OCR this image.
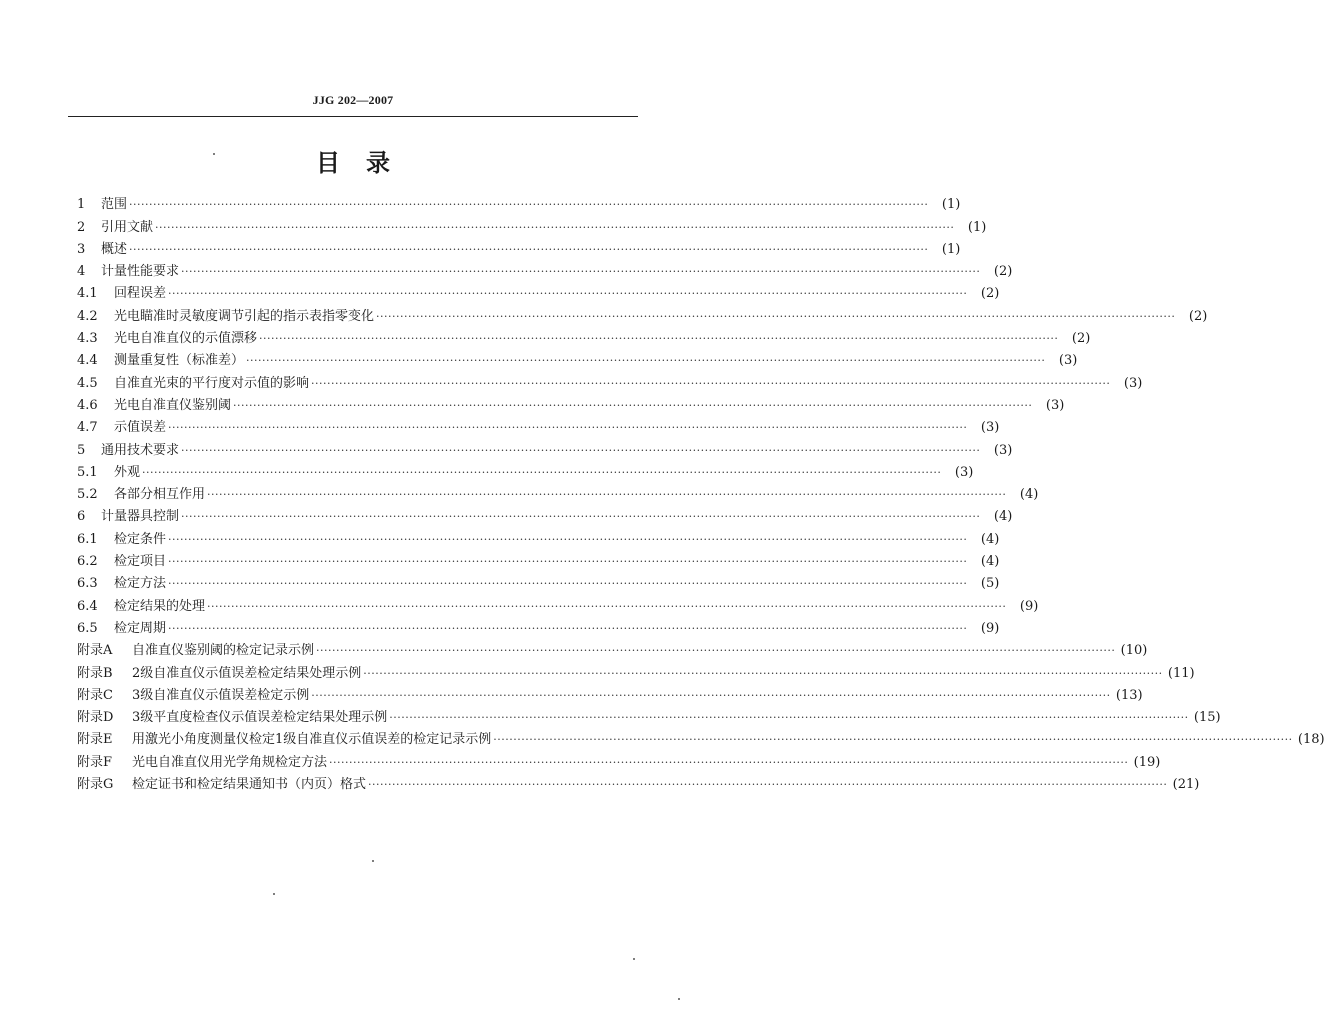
JJG 202—2007
目录
1	范围 ········································································································································································································	(1)
2	引用文献 ········································································································································································································	(1)
3	概述 ········································································································································································································	(1)
4	计量性能要求 ········································································································································································································	(2)
4.1	回程误差 ········································································································································································································	(2)
4.2	光电瞄准时灵敏度调节引起的指示表指零变化 ········································································································································································································	(2)
4.3	光电自准直仪的示值漂移 ········································································································································································································	(2)
4.4	测量重复性（标准差） ········································································································································································································	(3)
4.5	自准直光束的平行度对示值的影响 ········································································································································································································	(3)
4.6	光电自准直仪鉴别阈 ········································································································································································································	(3)
4.7	示值误差 ········································································································································································································	(3)
5	通用技术要求 ········································································································································································································	(3)
5.1	外观 ········································································································································································································	(3)
5.2	各部分相互作用 ········································································································································································································	(4)
6	计量器具控制 ········································································································································································································	(4)
6.1	检定条件 ········································································································································································································	(4)
6.2	检定项目 ········································································································································································································	(4)
6.3	检定方法 ········································································································································································································	(5)
6.4	检定结果的处理 ········································································································································································································	(9)
6.5	检定周期 ········································································································································································································	(9)
附录A	自准直仪鉴别阈的检定记录示例 ········································································································································································································ (10)
附录B	2级自准直仪示值误差检定结果处理示例 ········································································································································································································ (11)
附录C	3级自准直仪示值误差检定示例 ········································································································································································································ (13)
附录D	3级平直度检查仪示值误差检定结果处理示例 ········································································································································································································ (15)
附录E	用激光小角度测量仪检定1级自准直仪示值误差的检定记录示例 ········································································································································································································ (18)
附录F	光电自准直仪用光学角规检定方法 ········································································································································································································ (19)
附录G	检定证书和检定结果通知书（内页）格式 ········································································································································································································ (21)
